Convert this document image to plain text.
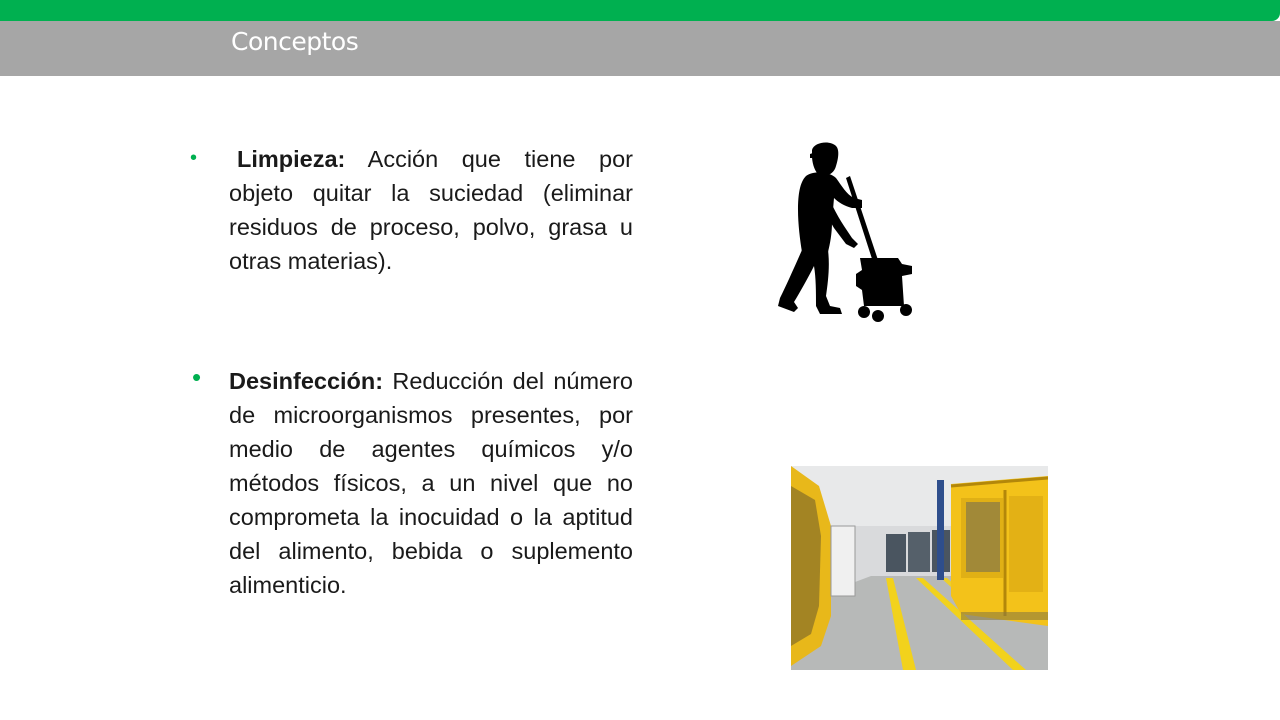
Conceptos
•	Limpieza: Acción que tiene por objeto quitar la suciedad (eliminar residuos de proceso, polvo, grasa u otras materias).
• Desinfección: Reducción del número de microorganismos presentes, por medio de agentes químicos y/o métodos físicos, a un nivel que no comprometa la inocuidad o la aptitud del alimento, bebida o suplemento alimenticio.
